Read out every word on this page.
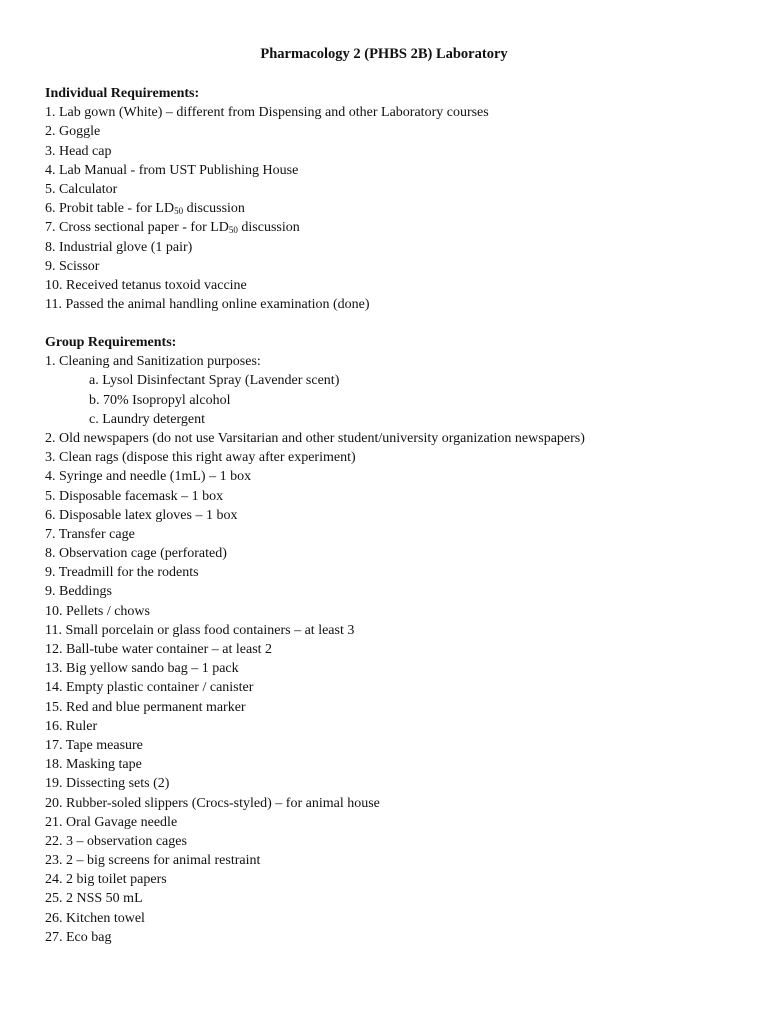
Pharmacology 2 (PHBS 2B) Laboratory
Individual Requirements:
1. Lab gown (White) – different from Dispensing and other Laboratory courses
2. Goggle
3. Head cap
4. Lab Manual - from UST Publishing House
5. Calculator
6. Probit table - for $LD_{50}$ discussion
7. Cross sectional paper - for $LD_{50}$ discussion
8. Industrial glove (1 pair)
9. Scissor
10. Received tetanus toxoid vaccine
11. Passed the animal handling online examination (done)
Group Requirements:
1. Cleaning and Sanitization purposes:
a. Lysol Disinfectant Spray (Lavender scent)
b. 70% Isopropyl alcohol
c. Laundry detergent
2. Old newspapers (do not use Varsitarian and other student/university organization newspapers)
3. Clean rags (dispose this right away after experiment)
4. Syringe and needle (1mL) – 1 box
5. Disposable facemask – 1 box
6. Disposable latex gloves – 1 box
7. Transfer cage
8. Observation cage (perforated)
9. Treadmill for the rodents
9. Beddings
10. Pellets / chows
11. Small porcelain or glass food containers – at least 3
12. Ball-tube water container – at least 2
13. Big yellow sando bag – 1 pack
14. Empty plastic container / canister
15. Red and blue permanent marker
16. Ruler
17. Tape measure
18. Masking tape
19. Dissecting sets (2)
20. Rubber-soled slippers (Crocs-styled) – for animal house
21. Oral Gavage needle
22. 3 – observation cages
23. 2 – big screens for animal restraint
24. 2 big toilet papers
25. 2 NSS 50 mL
26. Kitchen towel
27. Eco bag
